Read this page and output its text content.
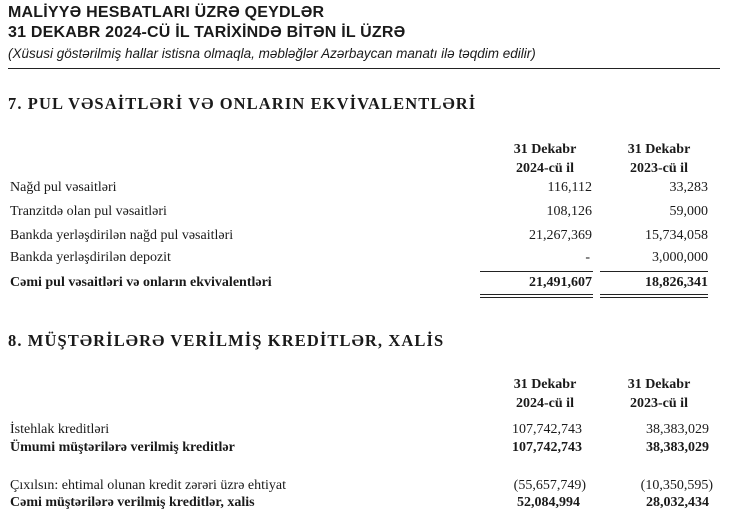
MALİYYƏ HESBATLARI ÜZRƏ QEYDLƏR
31 DEKABR 2024-CÜ İL TARİXİNDƏ BİTƏN İL ÜZRƏ
(Xüsusi göstərilmiş hallar istisna olmaqla, məbləğlər Azərbaycan manatı ilə təqdim edilir)
7. PUL VƏSAİTLƏRİ VƏ ONLARIN EKVİVALENTLƏRİ
31 Dekabr
2024-cü il
31 Dekabr
2023-cü il
Nağd pul vəsaitləri	116,112	33,283
Tranzitdə olan pul vəsaitləri	108,126	59,000
Bankda yerləşdirilən nağd pul vəsaitləri	21,267,369	15,734,058
Bankda yerləşdirilən depozit	-	3,000,000
Cəmi pul vəsaitləri və onların ekvivalentləri	21,491,607	18,826,341
8. MÜŞTƏRİLƏRƏ VERİLMİŞ KREDİTLƏR, XALİS
31 Dekabr
2024-cü il
31 Dekabr
2023-cü il
İstehlak kreditləri	107,742,743	38,383,029
Ümumi müştərilərə verilmiş kreditlər	107,742,743	38,383,029
Çıxılsın: ehtimal olunan kredit zərəri üzrə ehtiyat	(55,657,749)	(10,350,595)
Cəmi müştərilərə verilmiş kreditlər, xalis	52,084,994	28,032,434
